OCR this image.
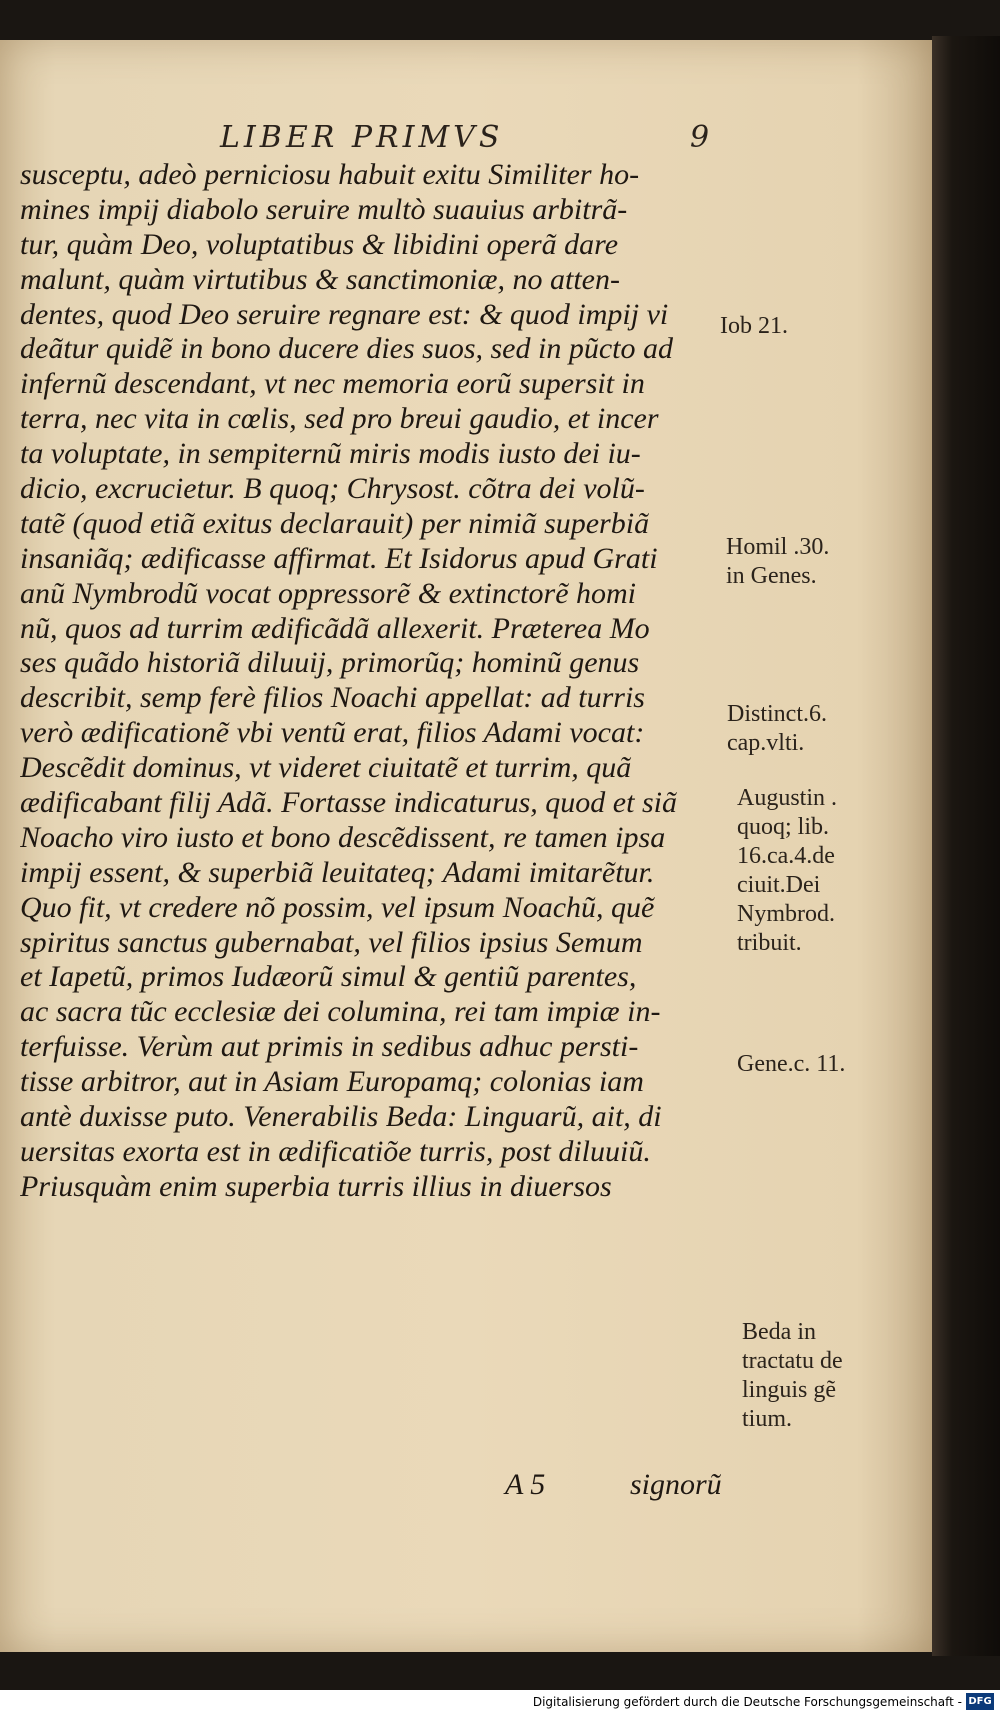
LIBER PRIMVS	9
susceptu, adeò perniciosu habuit exitu Similiter ho-
mines impij diabolo seruire multò suauius arbitrã-
tur, quàm Deo, voluptatibus & libidini operã dare
malunt, quàm virtutibus & sanctimoniæ, no atten-
dentes, quod Deo seruire regnare est: & quod impij vi
deãtur quidẽ in bono ducere dies suos, sed in pũcto ad
infernũ descendant, vt nec memoria eorũ supersit in
terra, nec vita in cœlis, sed pro breui gaudio, et incer
ta voluptate, in sempiternũ miris modis iusto dei iu-
dicio, excrucietur. B quoq; Chrysost. cõtra dei volũ-
tatẽ (quod etiã exitus declarauit) per nimiã superbiã
insaniãq; ædificasse affirmat. Et Isidorus apud Grati
anũ Nymbrodũ vocat oppressorẽ & extinctorẽ homi
nũ, quos ad turrim ædificãdã allexerit. Præterea Mo
ses quãdo historiã diluuij, primorũq; hominũ genus
describit, semp ferè filios Noachi appellat: ad turris
verò ædificationẽ vbi ventũ erat, filios Adami vocat:
Descẽdit dominus, vt videret ciuitatẽ et turrim, quã
ædificabant filij Adã. Fortasse indicaturus, quod et siã
Noacho viro iusto et bono descẽdissent, re tamen ipsa
impij essent, & superbiã leuitateq; Adami imitarẽtur.
Quo fit, vt credere nõ possim, vel ipsum Noachũ, quẽ
spiritus sanctus gubernabat, vel filios ipsius Semum
et Iapetũ, primos Iudæorũ simul & gentiũ parentes,
ac sacra tũc ecclesiæ dei columina, rei tam impiæ in-
terfuisse. Verùm aut primis in sedibus adhuc persti-
tisse arbitror, aut in Asiam Europamq; colonias iam
antè duxisse puto. Venerabilis Beda: Linguarũ, ait, di
uersitas exorta est in ædificatiõe turris, post diluuiũ.
Priusquàm enim superbia turris illius in diuersos
A 5	signorũ
Iob 21.
Homil .30.
in Genes.
Distinct.6.
cap.vlti.
Augustin .
quoq; lib.
16.ca.4.de
ciuit.Dei
Nymbrod.
tribuit.
Gene.c. 11.
Beda in
tractatu de
linguis gẽ
tium.
Digitalisierung gefördert durch die Deutsche Forschungsgemeinschaft - DFG
